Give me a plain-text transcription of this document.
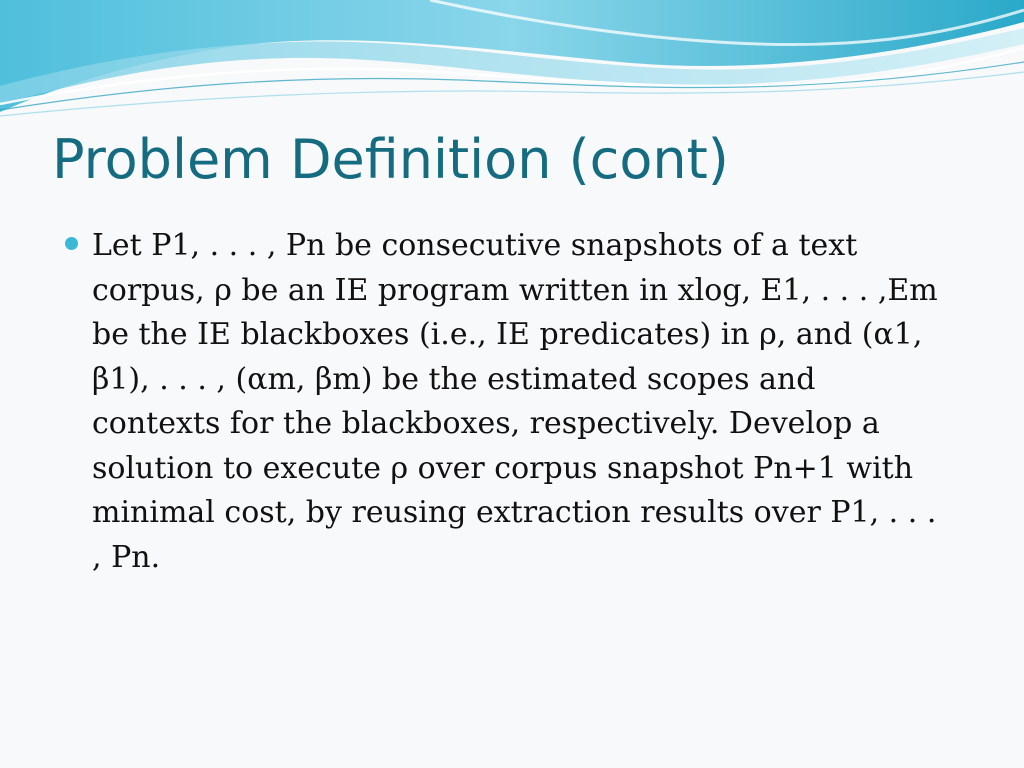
Problem Definition (cont)
Let P1, . . . , Pn be consecutive snapshots of a text corpus, ρ be an IE program written in xlog, E1, . . . ,Em be the IE blackboxes (i.e., IE predicates) in ρ, and (α1, β1), . . . , (αm, βm) be the estimated scopes and contexts for the blackboxes, respectively. Develop a solution to execute ρ over corpus snapshot Pn+1 with minimal cost, by reusing extraction results over P1, . . . , Pn.
